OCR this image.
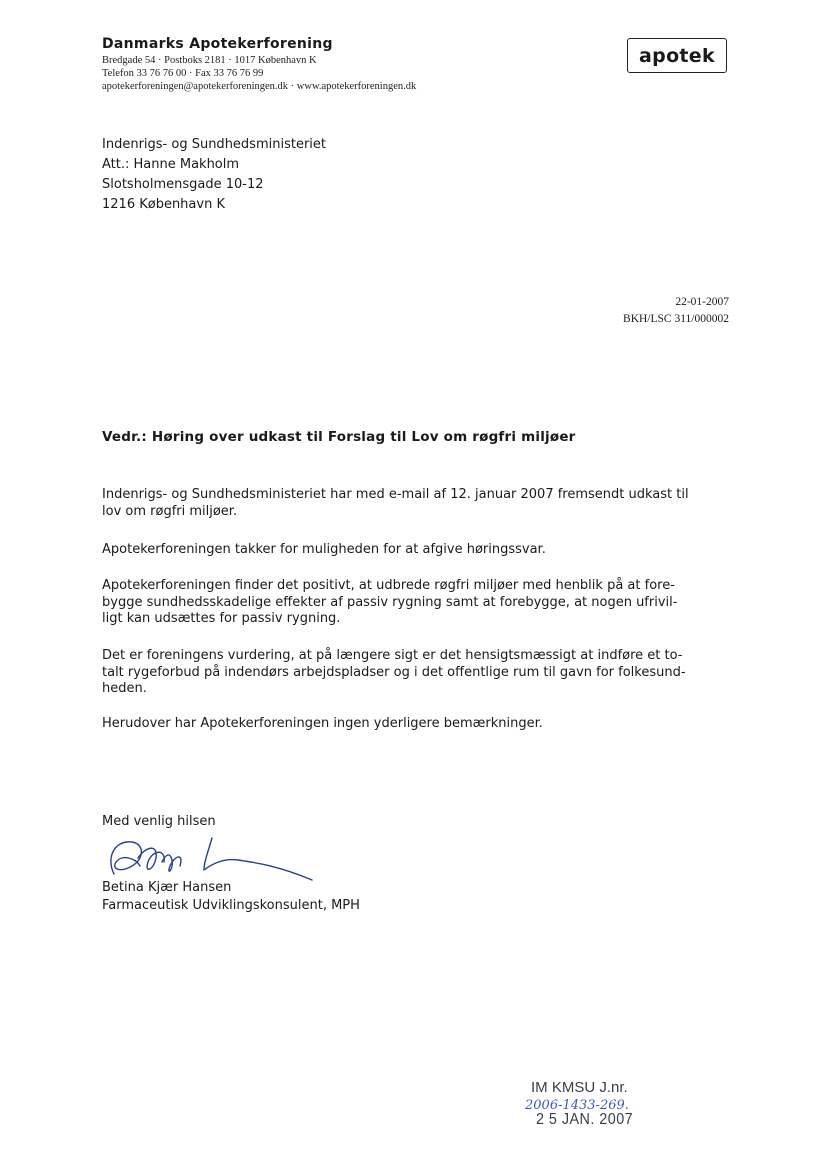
Danmarks Apotekerforening
Bredgade 54 · Postboks 2181 · 1017 København K
Telefon 33 76 76 00 · Fax 33 76 76 99
apotekerforeningen@apotekerforeningen.dk · www.apotekerforeningen.dk
apotek
Indenrigs- og Sundhedsministeriet
Att.: Hanne Makholm
Slotsholmensgade 10-12
1216 København K
22-01-2007
BKH/LSC 311/000002
Vedr.: Høring over udkast til Forslag til Lov om røgfri miljøer
Indenrigs- og Sundhedsministeriet har med e-mail af 12. januar 2007 fremsendt udkast til
lov om røgfri miljøer.
Apotekerforeningen takker for muligheden for at afgive høringssvar.
Apotekerforeningen finder det positivt, at udbrede røgfri miljøer med henblik på at fore-
bygge sundhedsskadelige effekter af passiv rygning samt at forebygge, at nogen ufrivil-
ligt kan udsættes for passiv rygning.
Det er foreningens vurdering, at på længere sigt er det hensigtsmæssigt at indføre et to-
talt rygeforbud på indendørs arbejdspladser og i det offentlige rum til gavn for folkesund-
heden.
Herudover har Apotekerforeningen ingen yderligere bemærkninger.
Med venlig hilsen
Betina Kjær Hansen
Farmaceutisk Udviklingskonsulent, MPH
IM KMSU J.nr.
2006-1433-269.
2 5 JAN. 2007
